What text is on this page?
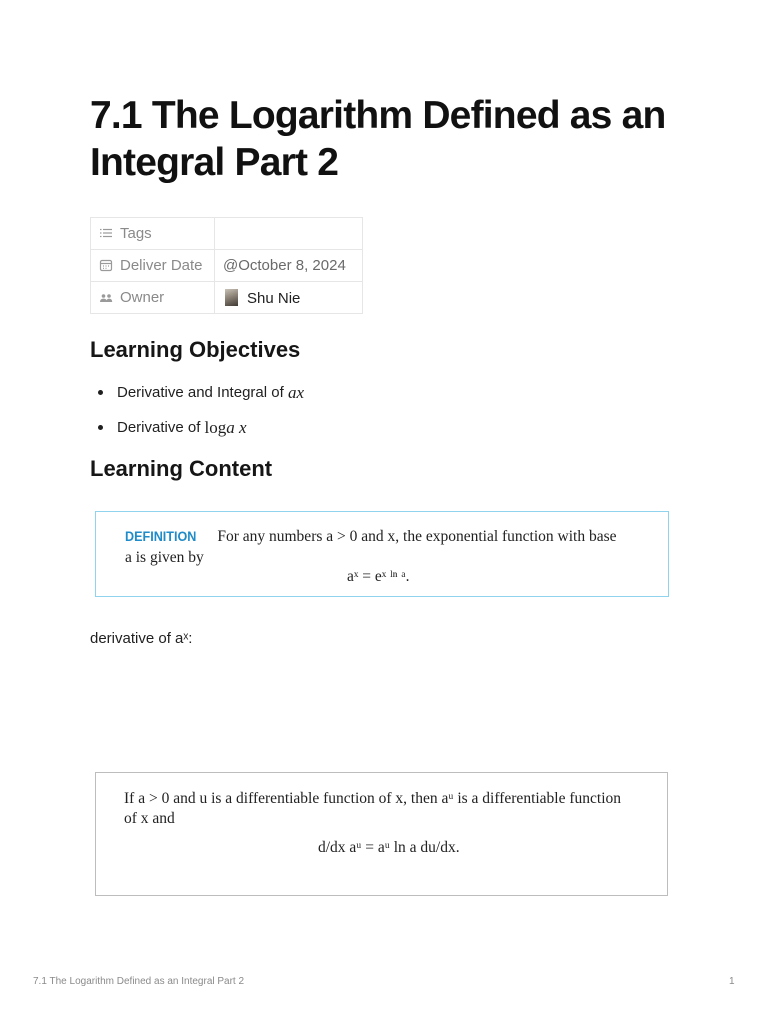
7.1 The Logarithm Defined as an Integral Part 2
Tags	
Deliver Date	@October 8, 2024
Owner	Shu Nie
Learning Objectives
Derivative and Integral of
a x
Derivative of
log a
x
Learning Content
DEFINITION For any numbers a > 0 and x, the exponential function with base
a is given by
aˣ = eˣ ˡⁿ ᵃ.
derivative of aˣ:
If a > 0 and u is a differentiable function of x, then aᵘ is a differentiable function
of x and
d/dx aᵘ = aᵘ ln a du/dx.
7.1 The Logarithm Defined as an Integral Part 2	1
